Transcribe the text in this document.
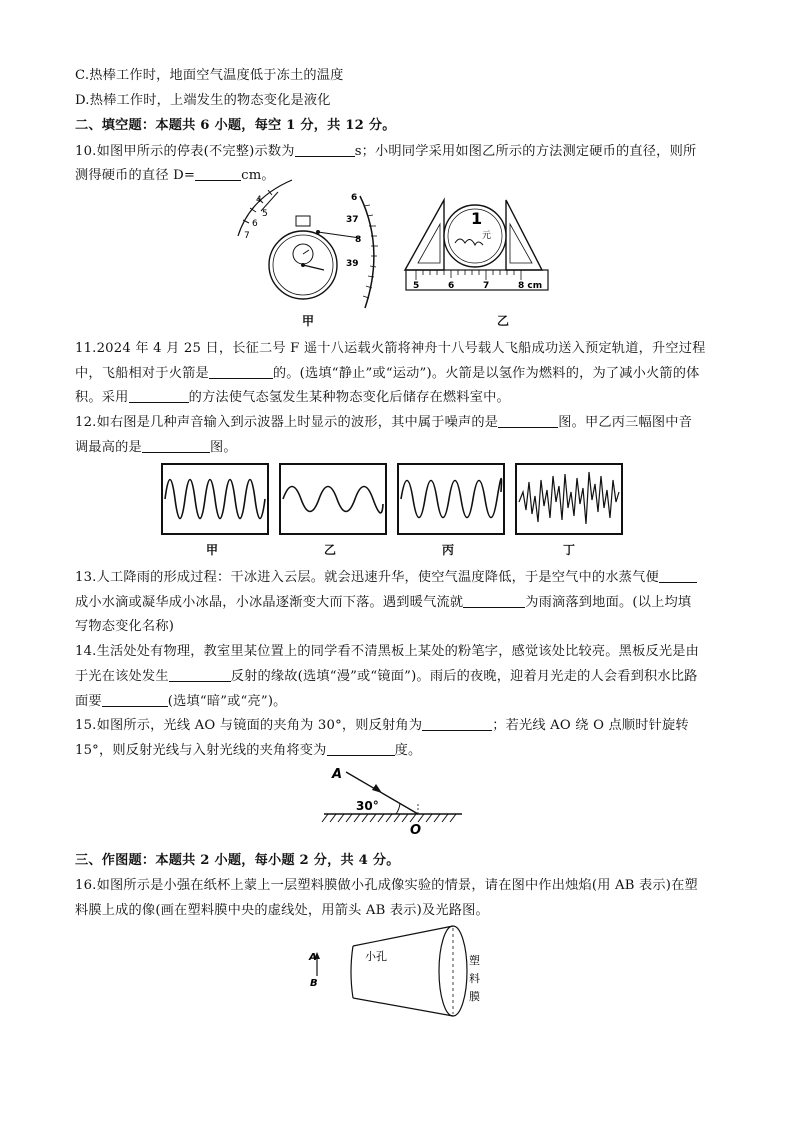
C.热棒工作时，地面空气温度低于冻土的温度
D.热棒工作时，上端发生的物态变化是液化
二、填空题：本题共 6 小题，每空 1 分，共 12 分。
10.如图甲所示的停表(不完整)示数为	s；小明同学采用如图乙所示的方法测定硬币的直径，则所
测得硬币的直径 D=	cm。
4
5
6
7
6
37
8
39
1
元
5	6	7	8 cm
甲	乙
11.2024 年 4 月 25 日，长征二号 F 遥十八运载火箭将神舟十八号载人飞船成功送入预定轨道，升空过程
中，飞船相对于火箭是	的。(选填“静止”或“运动”)。火箭是以氢作为燃料的，为了减小火箭的体
积。采用	的方法使气态氢发生某种物态变化后储存在燃料室中。
12.如右图是几种声音输入到示波器上时显示的波形，其中属于噪声的是	图。甲乙丙三幅图中音
调最高的是	图。
甲	乙	丙	丁
13.人工降雨的形成过程：干冰进入云层。就会迅速升华，使空气温度降低，于是空气中的水蒸气便
成小水滴或凝华成小冰晶，小冰晶逐渐变大而下落。遇到暖气流就	为雨滴落到地面。(以上均填
写物态变化名称)
14.生活处处有物理，教室里某位置上的同学看不清黑板上某处的粉笔字，感觉该处比较亮。黑板反光是由
于光在该处发生	反射的缘故(选填“漫”或“镜面”)。雨后的夜晚，迎着月光走的人会看到积水比路
面要	(选填“暗”或“亮”)。
15.如图所示，光线 AO 与镜面的夹角为 30°，则反射角为	；若光线 AO 绕 O 点顺时针旋转
15°，则反射光线与入射光线的夹角将变为	度。
A
30°
O
三、作图题：本题共 2 小题，每小题 2 分，共 4 分。
16.如图所示是小强在纸杯上蒙上一层塑料膜做小孔成像实验的情景，请在图中作出烛焰(用 AB 表示)在塑
料膜上成的像(画在塑料膜中央的虚线处，用箭头 AB 表示)及光路图。
A
B
小孔	塑
料
膜
